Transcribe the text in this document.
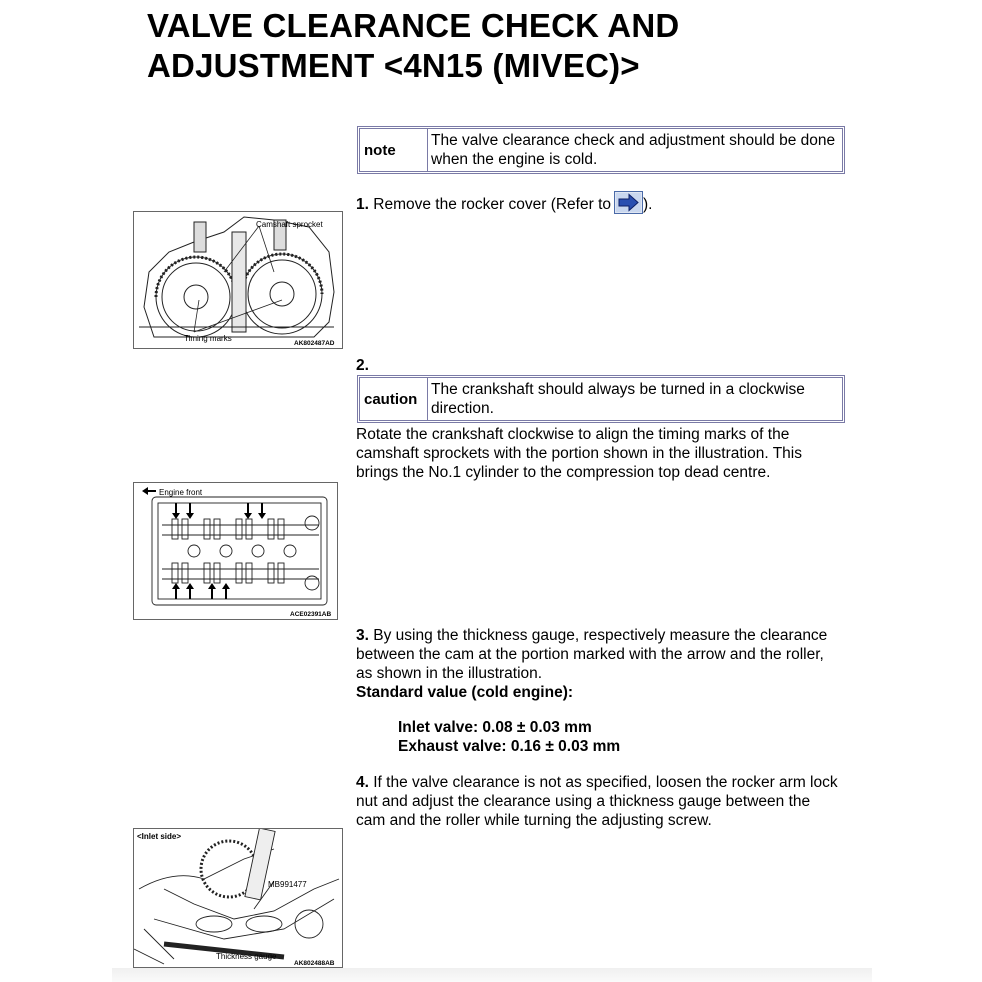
VALVE CLEARANCE CHECK AND
ADJUSTMENT <4N15 (MIVEC)>
note
The valve clearance check and adjustment should be done when the engine is cold.

1. Remove the rocker cover (Refer to ).

Camshaft sprocket
Timing marks
AK802487AD

2.

caution
The crankshaft should always be turned in a clockwise direction.

Rotate the crankshaft clockwise to align the timing marks of the camshaft sprockets with the portion shown in the illustration. This brings the No.1 cylinder to the compression top dead centre.

Engine front
ACE02391AB

3. By using the thickness gauge, respectively measure the clearance between the cam at the portion marked with the arrow and the roller, as shown in the illustration.

Standard value (cold engine):

Inlet valve: 0.08 ± 0.03 mm

Exhaust valve: 0.16 ± 0.03 mm

4. If the valve clearance is not as specified, loosen the rocker arm lock nut and adjust the clearance using a thickness gauge between the cam and the roller while turning the adjusting screw.

<Inlet side>
MB991477
Thickness gauge
AK802488AB
